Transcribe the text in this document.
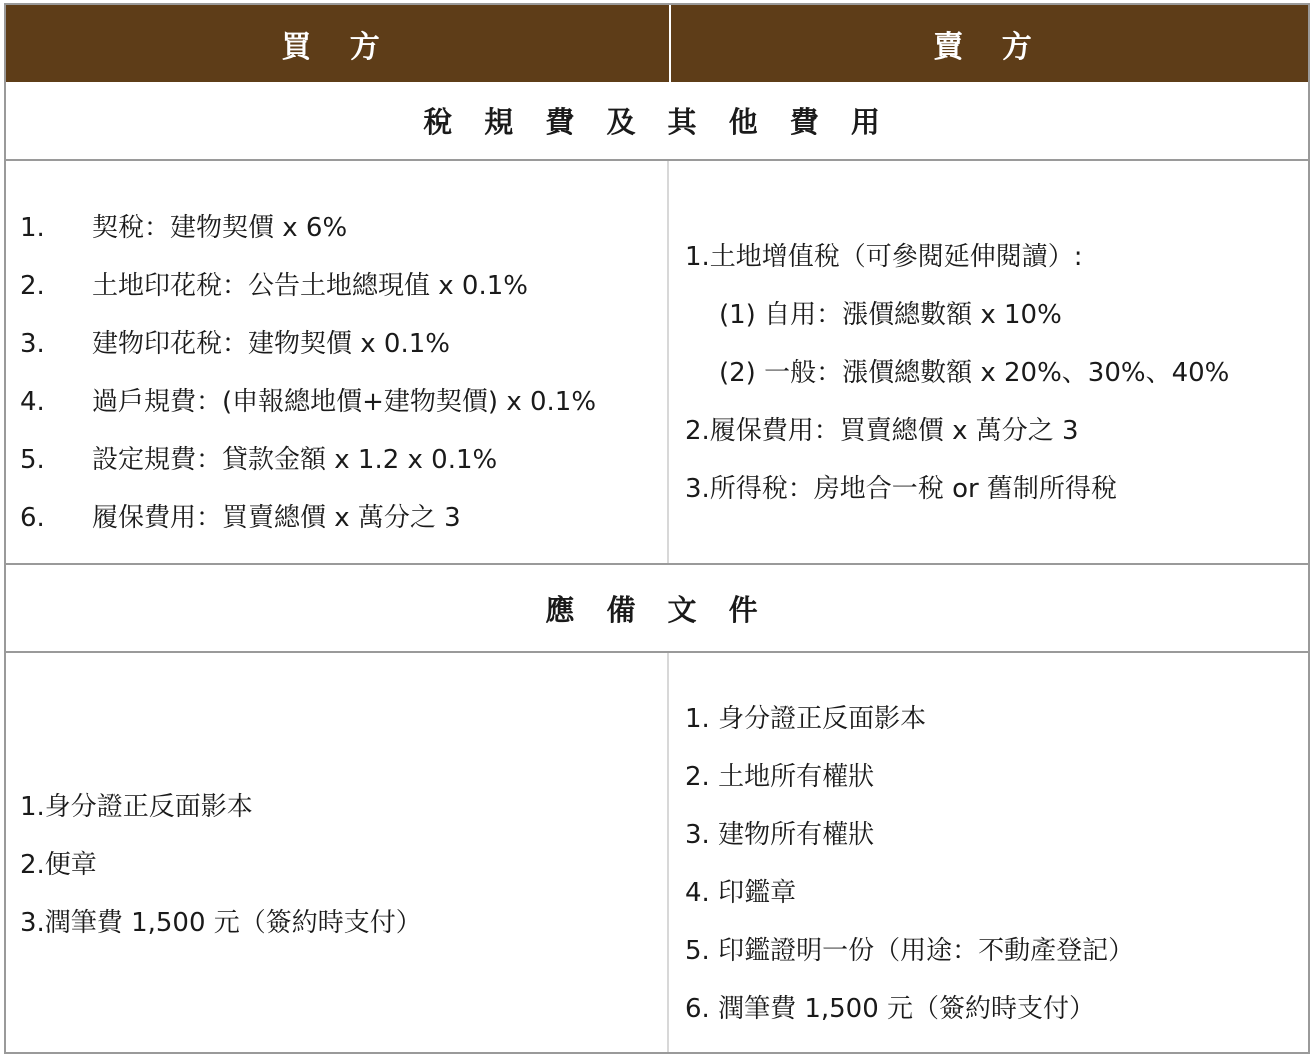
買 方	賣 方
稅 規 費 及 其 他 費 用
1. 契稅：建物契價 x 6%
2. 土地印花稅：公告土地總現值 x 0.1%
3. 建物印花稅：建物契價 x 0.1%
4. 過戶規費：(申報總地價+建物契價) x 0.1%
5. 設定規費：貸款金額 x 1.2 x 0.1%
6. 履保費用：買賣總價 x 萬分之 3
1.土地增值稅（可參閱延伸閱讀）:
(1) 自用：漲價總數額 x 10%
(2) 一般：漲價總數額 x 20%、30%、40%
2.履保費用：買賣總價 x 萬分之 3
3.所得稅：房地合一稅 or 舊制所得稅
應 備 文 件
1.身分證正反面影本
2.便章
3.潤筆費 1,500 元（簽約時支付）
1. 身分證正反面影本
2. 土地所有權狀
3. 建物所有權狀
4. 印鑑章
5. 印鑑證明一份（用途：不動產登記）
6. 潤筆費 1,500 元（簽約時支付）
